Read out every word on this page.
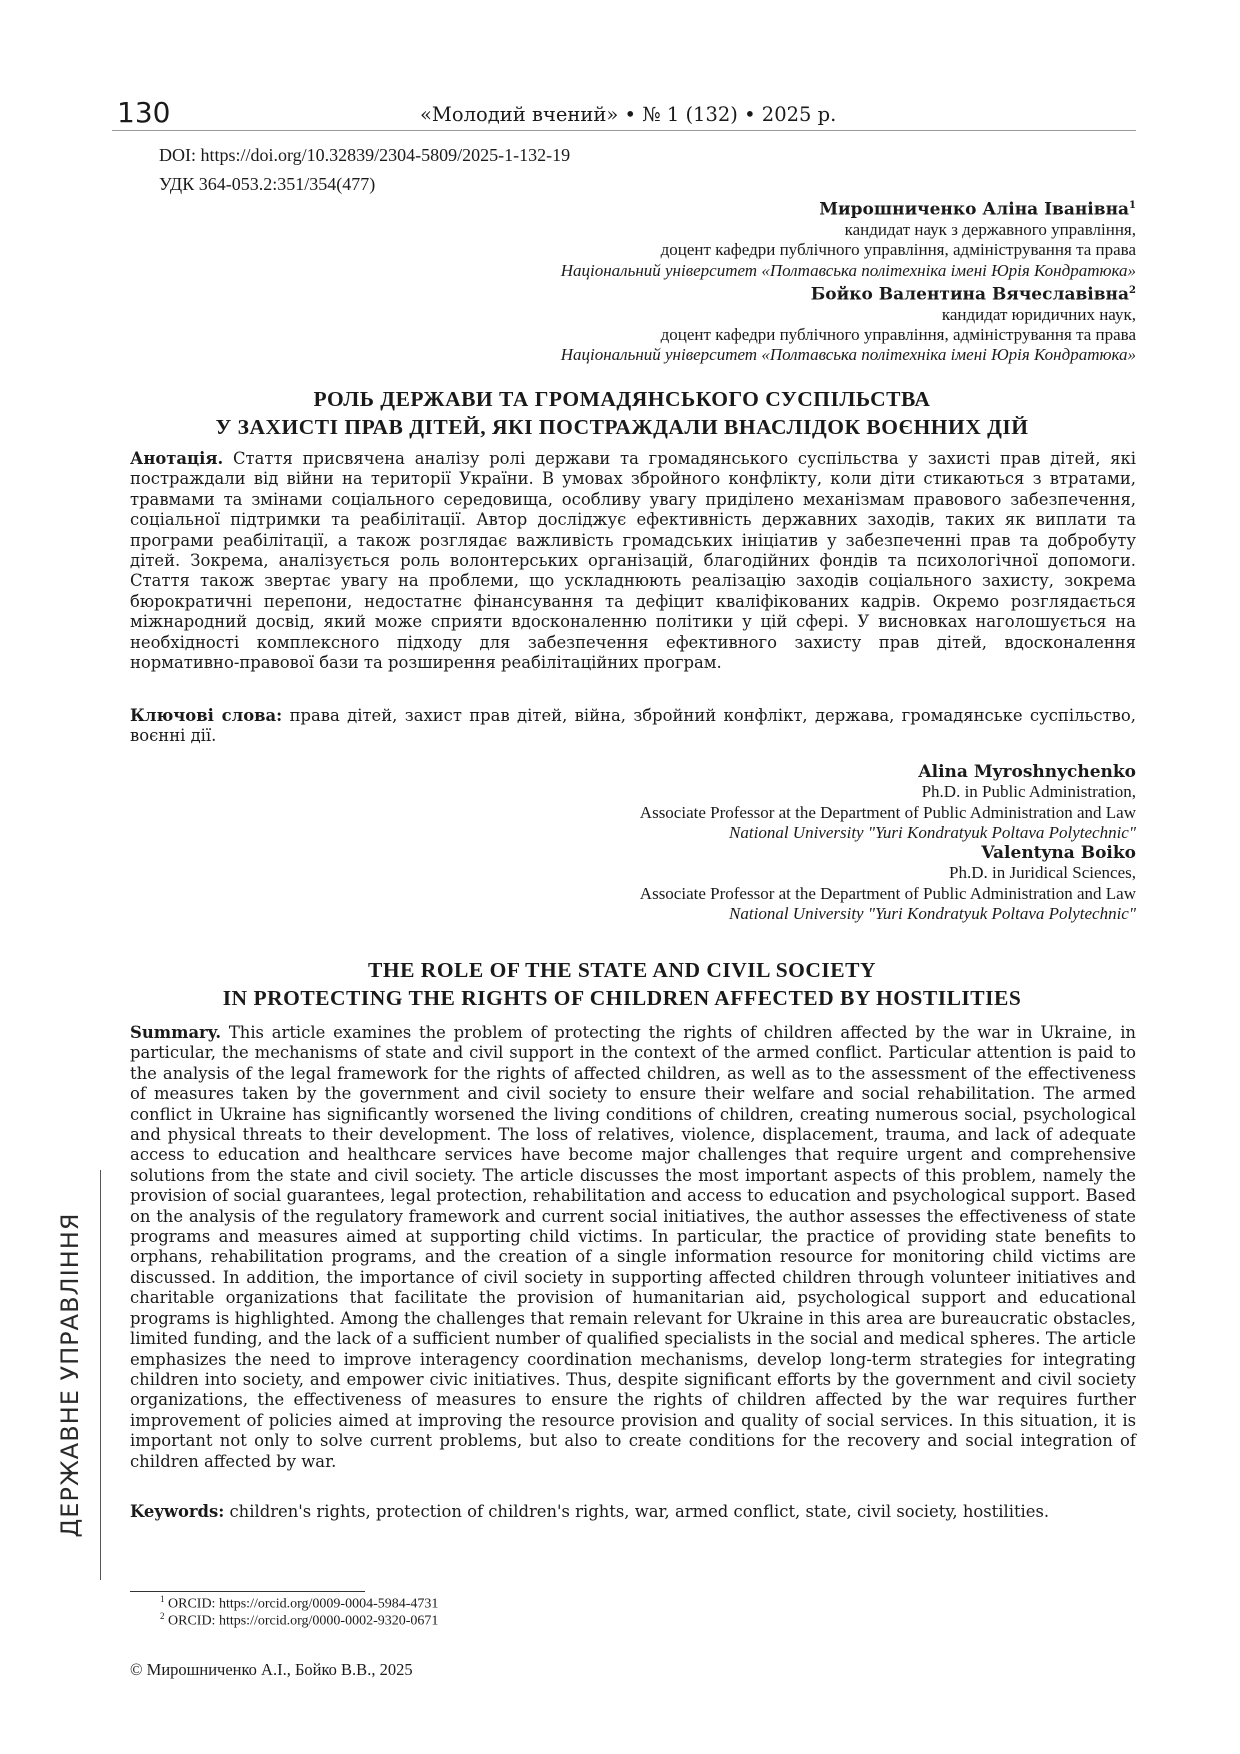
130	«Молодий вчений» • № 1 (132) • 2025 р.
DOI: https://doi.org/10.32839/2304-5809/2025-1-132-19
УДК 364-053.2:351/354(477)
Мирошниченко Аліна Іванівна$^1$
кандидат наук з державного управління,
доцент кафедри публічного управління, адміністрування та права
Національний університет «Полтавська політехніка імені Юрія Кондратюка»
Бойко Валентина Вячеславівна$^2$
кандидат юридичних наук,
доцент кафедри публічного управління, адміністрування та права
Національний університет «Полтавська політехніка імені Юрія Кондратюка»
РОЛЬ ДЕРЖАВИ ТА ГРОМАДЯНСЬКОГО СУСПІЛЬСТВА
У ЗАХИСТІ ПРАВ ДІТЕЙ, ЯКІ ПОСТРАЖДАЛИ ВНАСЛІДОК ВОЄННИХ ДІЙ

Анотація. Стаття присвячена аналізу ролі держави та громадянського суспільства у захисті прав дітей, які постраждали від війни на території України. В умовах збройного конфлікту, коли діти стикаються з втратами, травмами та змінами соціального середовища, особливу увагу приділено механізмам правового забезпечення, соціальної підтримки та реабілітації. Автор досліджує ефективність державних заходів, таких як виплати та програми реабілітації, а також розглядає важливість громадських ініціатив у забезпеченні прав та добробуту дітей. Зокрема, аналізується роль волонтерських організацій, благодійних фондів та психологічної допомоги. Стаття також звертає увагу на проблеми, що ускладнюють реалізацію заходів соціального захисту, зокрема бюрократичні перепони, недостатнє фінансування та дефіцит кваліфікованих кадрів. Окремо розглядається міжнародний досвід, який може сприяти вдосконаленню політики у цій сфері. У висновках наголошується на необхідності комплексного підходу для забезпечення ефективного захисту прав дітей, вдосконалення нормативно-правової бази та розширення реабілітаційних програм.

Ключові слова: права дітей, захист прав дітей, війна, збройний конфлікт, держава, громадянське суспільство, воєнні дії.

Alina Myroshnychenko
Ph.D. in Public Administration,
Associate Professor at the Department of Public Administration and Law
National University "Yuri Kondratyuk Poltava Polytechnic"
Valentyna Boiko
Ph.D. in Juridical Sciences,
Associate Professor at the Department of Public Administration and Law
National University "Yuri Kondratyuk Poltava Polytechnic"
THE ROLE OF THE STATE AND CIVIL SOCIETY
IN PROTECTING THE RIGHTS OF CHILDREN AFFECTED BY HOSTILITIES

Summary. This article examines the problem of protecting the rights of children affected by the war in Ukraine, in particular, the mechanisms of state and civil support in the context of the armed conflict. Particular attention is paid to the analysis of the legal framework for the rights of affected children, as well as to the assessment of the effectiveness of measures taken by the government and civil society to ensure their welfare and social rehabilitation. The armed conflict in Ukraine has significantly worsened the living conditions of children, creating numerous social, psychological and physical threats to their development. The loss of relatives, violence, displacement, trauma, and lack of adequate access to education and healthcare services have become major challenges that require urgent and comprehensive solutions from the state and civil society. The article discusses the most important aspects of this problem, namely the provision of social guarantees, legal protection, rehabilitation and access to education and psychological support. Based on the analysis of the regulatory framework and current social initiatives, the author assesses the effectiveness of state programs and measures aimed at supporting child victims. In particular, the practice of providing state benefits to orphans, rehabilitation programs, and the creation of a single information resource for monitoring child victims are discussed. In addition, the importance of civil society in supporting affected children through volunteer initiatives and charitable organizations that facilitate the provision of humanitarian aid, psychological support and educational programs is highlighted. Among the challenges that remain relevant for Ukraine in this area are bureaucratic obstacles, limited funding, and the lack of a sufficient number of qualified specialists in the social and medical spheres. The article emphasizes the need to improve interagency coordination mechanisms, develop long-term strategies for integrating children into society, and empower civic initiatives. Thus, despite significant efforts by the government and civil society organizations, the effectiveness of measures to ensure the rights of children affected by the war requires further improvement of policies aimed at improving the resource provision and quality of social services. In this situation, it is important not only to solve current problems, but also to create conditions for the recovery and social integration of children affected by war.

Keywords: children's rights, protection of children's rights, war, armed conflict, state, civil society, hostilities.

ДЕРЖАВНЕ УПРАВЛІННЯ
$^1$ ORCID: https://orcid.org/0009-0004-5984-4731
$^2$ ORCID: https://orcid.org/0000-0002-9320-0671
© Мирошниченко А.І., Бойко В.В., 2025
